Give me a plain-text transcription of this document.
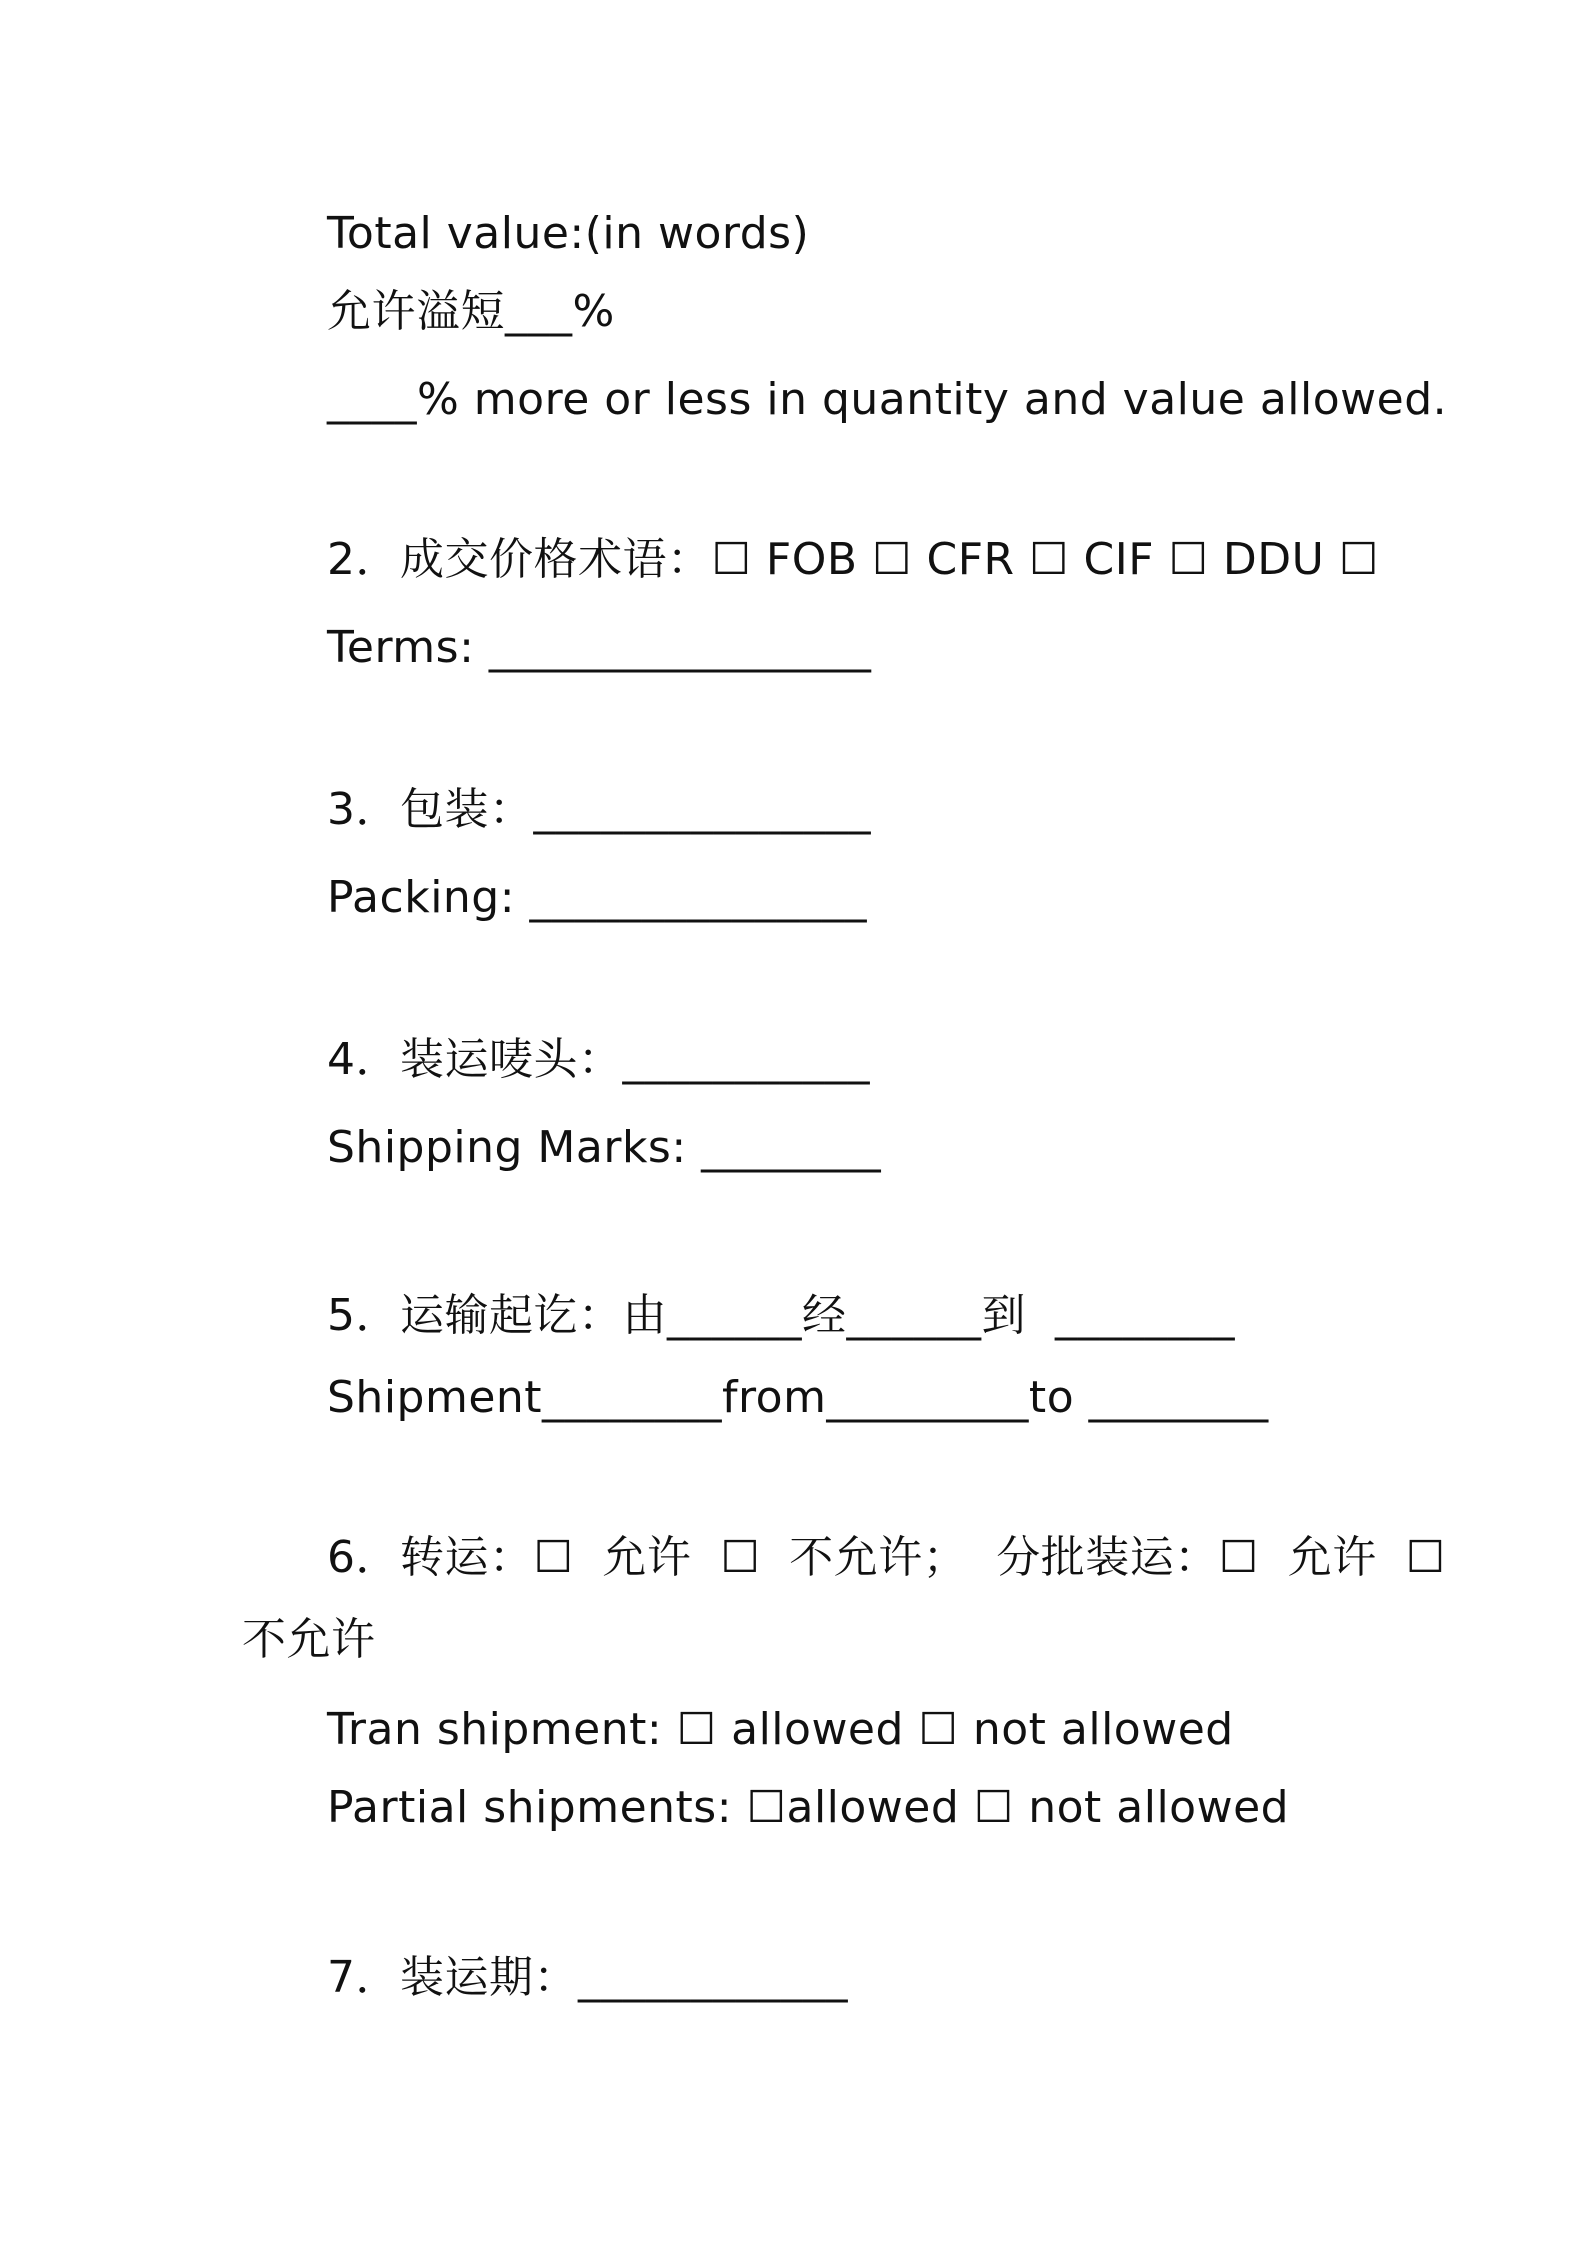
Total value:(in words)
允许溢短___%
____% more or less in quantity and value allowed.
2．成交价格术语：☐ FOB ☐ CFR ☐ CIF ☐ DDU ☐
Terms: _________________
3．包装：_______________
Packing: _______________
4．装运唛头：___________
Shipping Marks: ________
5．运输起讫：由______经______到  ________
Shipment________from_________to ________
6．转运：☐  允许  ☐  不允许；  分批装运：☐  允许  ☐
不允许
Tran shipment: ☐ allowed ☐ not allowed
Partial shipments: ☐allowed ☐ not allowed
7．装运期：____________
